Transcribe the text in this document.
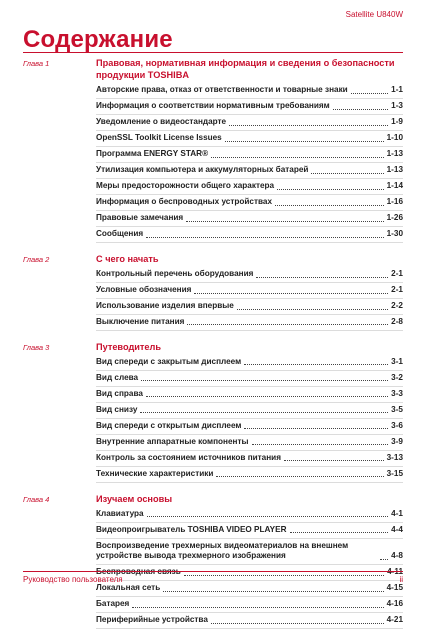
Satellite U840W
Содержание
Глава 1	Правовая, нормативная информация и сведения о безопасности продукции TOSHIBA
Авторские права, отказ от ответственности и товарные знаки	1-1
Информация о соответствии нормативным требованиям	1-3
Уведомление о видеостандарте	1-9
OpenSSL Toolkit License Issues	1-10
Программа ENERGY STAR®	1-13
Утилизация компьютера и аккумуляторных батарей	1-13
Меры предосторожности общего характера	1-14
Информация о беспроводных устройствах	1-16
Правовые замечания	1-26
Сообщения	1-30
Глава 2	С чего начать
Контрольный перечень оборудования	2-1
Условные обозначения	2-1
Использование изделия впервые	2-2
Выключение питания	2-8
Глава 3	Путеводитель
Вид спереди с закрытым дисплеем	3-1
Вид слева	3-2
Вид справа	3-3
Вид снизу	3-5
Вид спереди с открытым дисплеем	3-6
Внутренние аппаратные компоненты	3-9
Контроль за состоянием источников питания	3-13
Технические характеристики	3-15
Глава 4	Изучаем основы
Клавиатура	4-1
Видеопроигрыватель TOSHIBA VIDEO PLAYER	4-4
Воспроизведение трехмерных видеоматериалов на внешнем устройстве вывода трехмерного изображения	4-8
Беспроводная связь	4-11
Локальная сеть	4-15
Батарея	4-16
Периферийные устройства	4-21
Руководство пользователя	ii
